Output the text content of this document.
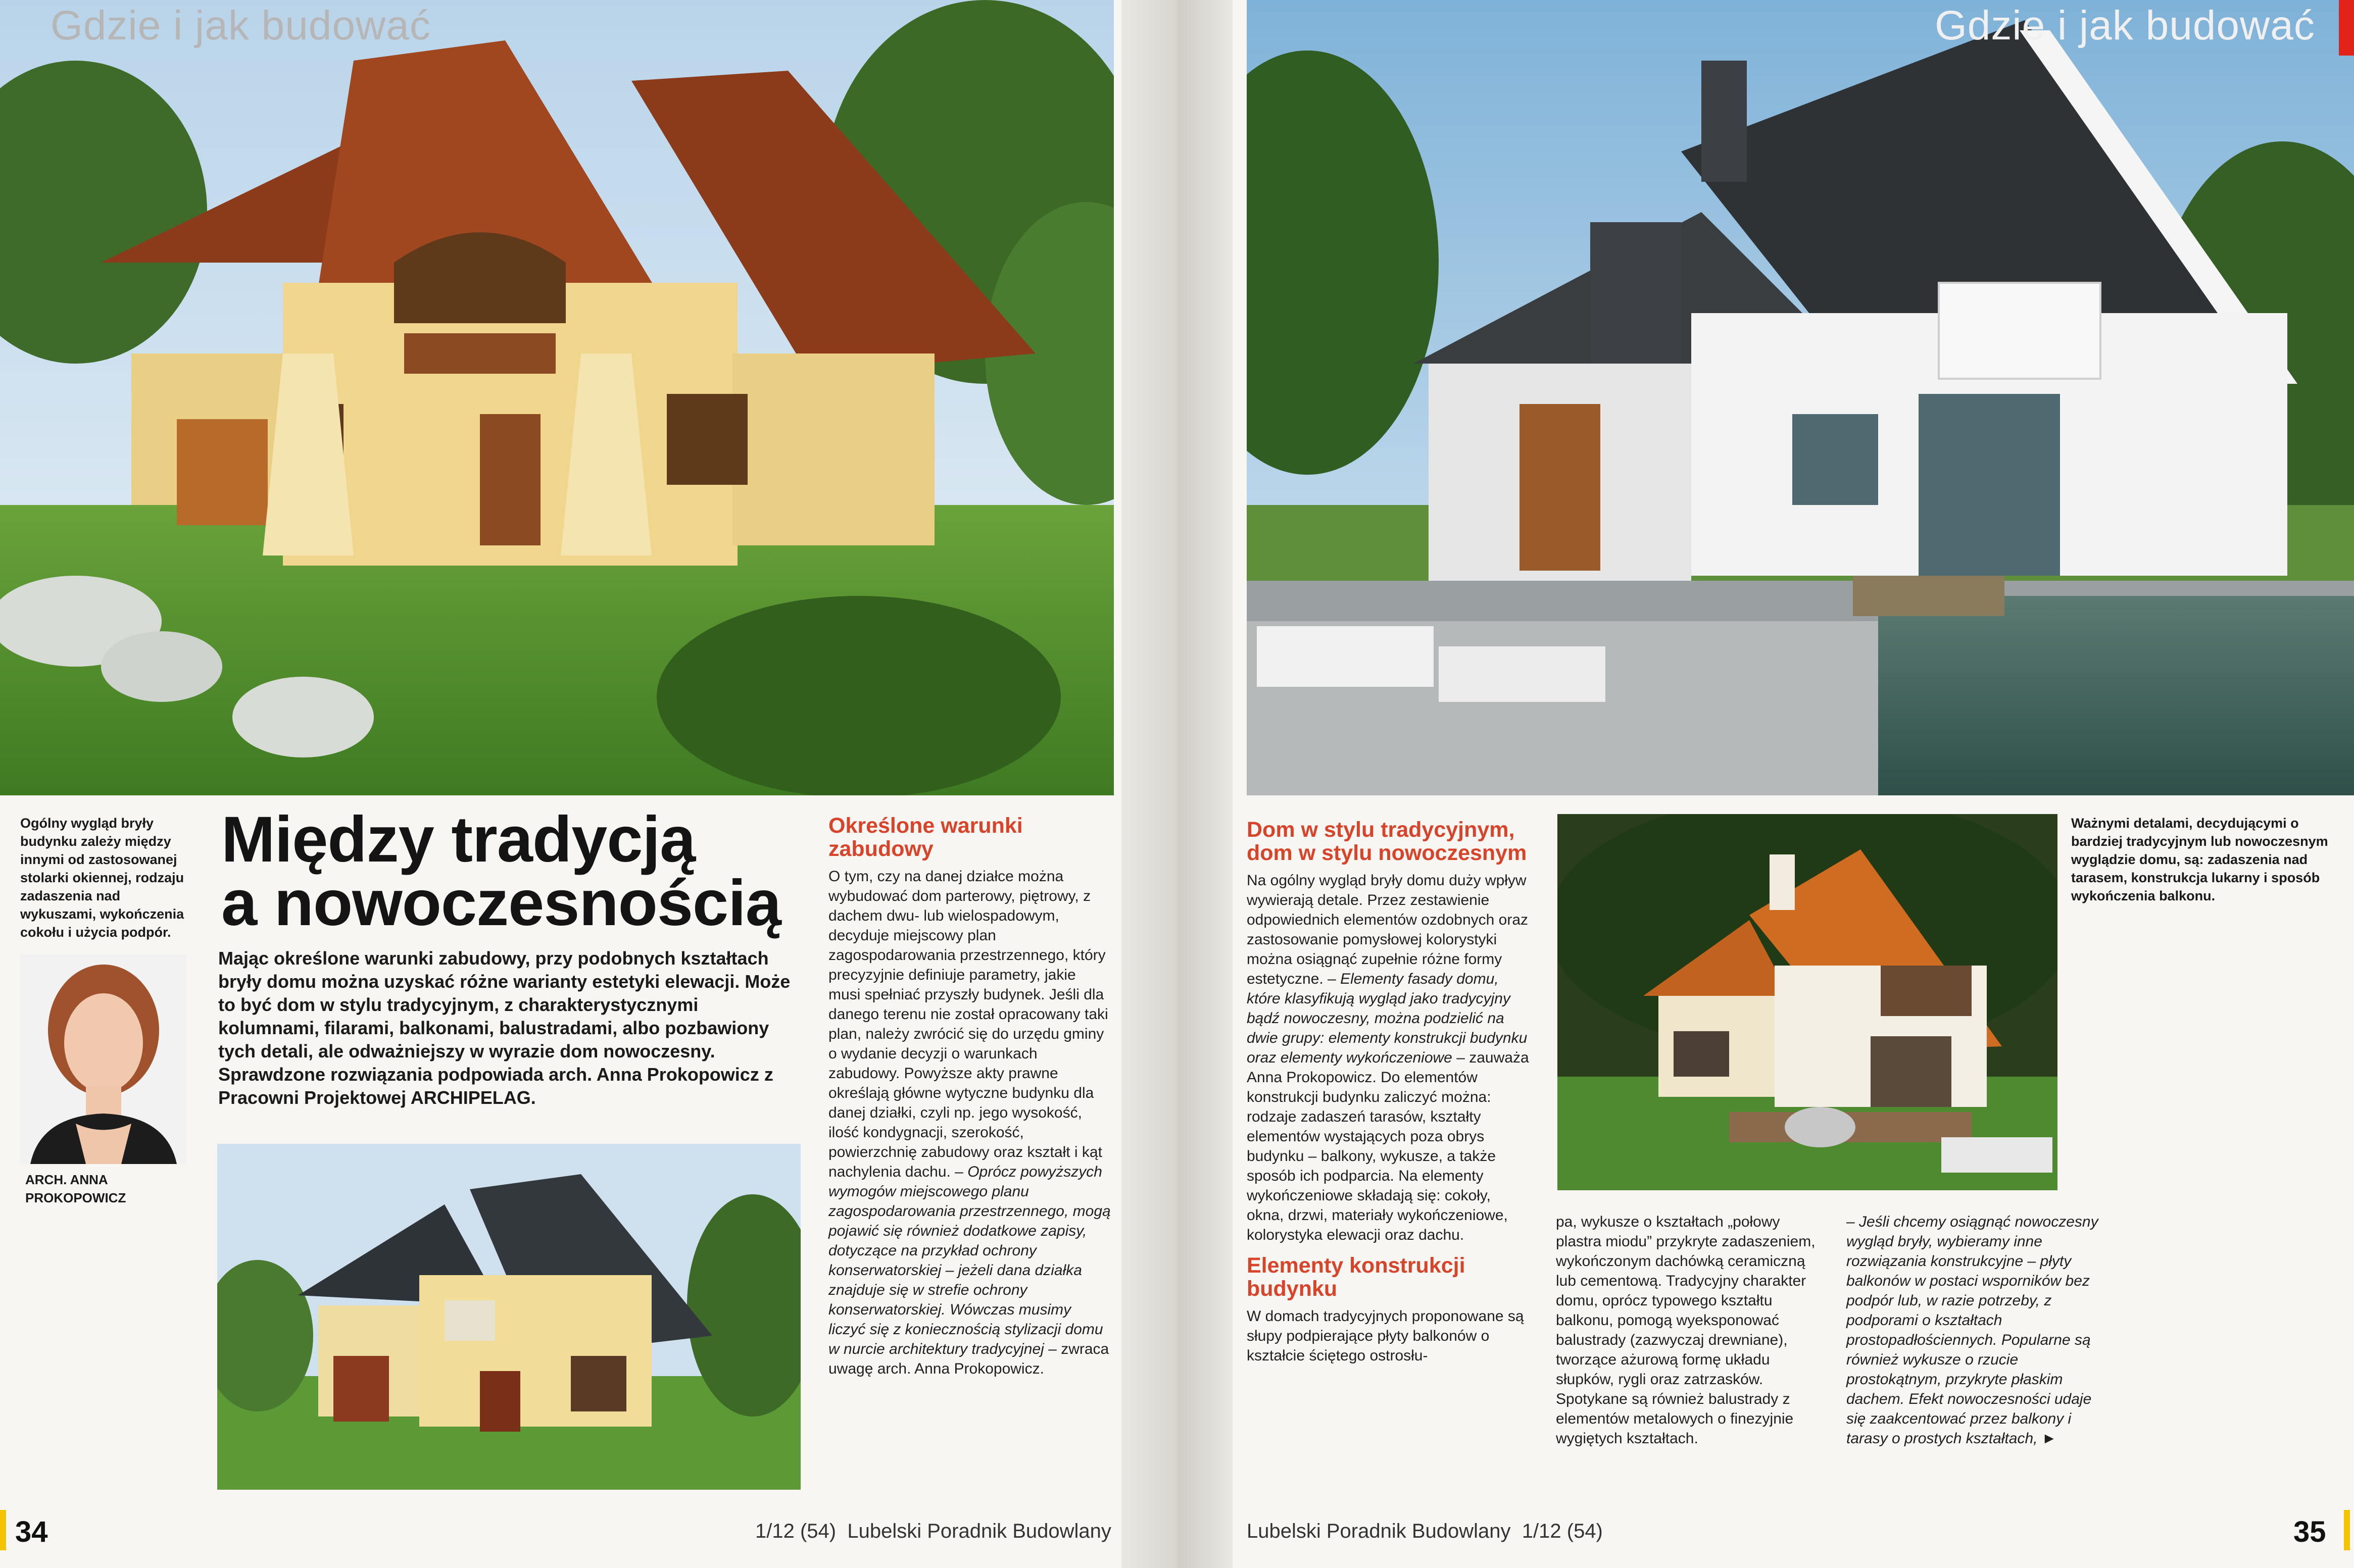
Gdzie i jak budować
Ogólny wygląd bryły budynku zależy między innymi od zastosowanej stolarki okiennej, rodzaju zadaszenia nad wykuszami, wykończenia cokołu i użycia podpór.
ARCH. ANNA PROKOPOWICZ
Między tradycją
a nowoczesnością
Mając określone warunki zabudowy, przy podobnych kształtach bryły domu można uzyskać różne warianty estetyki elewacji. Może to być dom w stylu tradycyjnym, z charakterystycznymi kolumnami, filarami, balkonami, balustradami, albo pozbawiony tych detali, ale odważniejszy w wyrazie dom nowoczesny. Sprawdzone rozwiązania podpowiada arch. Anna Prokopowicz z Pracowni Projektowej ARCHIPELAG.
Określone warunki zabudowy

O tym, czy na danej działce można wybudować dom parterowy, piętrowy, z dachem dwu- lub wielospadowym, decyduje miejscowy plan zagospodarowania przestrzennego, który precyzyjnie definiuje parametry, jakie musi spełniać przyszły budynek. Jeśli dla danego terenu nie został opracowany taki plan, należy zwrócić się do urzędu gminy o wydanie decyzji o warunkach zabudowy. Powyższe akty prawne określają główne wytyczne budynku dla danej działki, czyli np. jego wysokość, ilość kondygnacji, szerokość, powierzchnię zabudowy oraz kształt i kąt nachylenia dachu. – Oprócz powyższych wymogów miejscowego planu zagospodarowania przestrzennego, mogą pojawić się również dodatkowe zapisy, dotyczące na przykład ochrony konserwatorskiej – jeżeli dana działka znajduje się w strefie ochrony konserwatorskiej. Wówczas musimy liczyć się z koniecznością stylizacji domu w nurcie architektury tradycyjnej – zwraca uwagę arch. Anna Prokopowicz.

34	1/12 (54) Lubelski Poradnik Budowlany
Gdzie i jak budować
Ważnymi detalami, decydującymi o bardziej tradycyjnym lub nowoczesnym wyglądzie domu, są: zadaszenia nad tarasem, konstrukcja lukarny i sposób wykończenia balkonu.
Dom w stylu tradycyjnym, dom w stylu nowoczesnym

Na ogólny wygląd bryły domu duży wpływ wywierają detale. Przez zestawienie odpowiednich elementów ozdobnych oraz zastosowanie pomysłowej kolorystyki można osiągnąć zupełnie różne formy estetyczne. – Elementy fasady domu, które klasyfikują wygląd jako tradycyjny bądź nowoczesny, można podzielić na dwie grupy: elementy konstrukcji budynku oraz elementy wykończeniowe – zauważa Anna Prokopowicz. Do elementów konstrukcji budynku zaliczyć można: rodzaje zadaszeń tarasów, kształty elementów wystających poza obrys budynku – balkony, wykusze, a także sposób ich podparcia. Na elementy wykończeniowe składają się: cokoły, okna, drzwi, materiały wykończeniowe, kolorystyka elewacji oraz dachu.

Elementy konstrukcji budynku

W domach tradycyjnych proponowane są słupy podpierające płyty balkonów o kształcie ściętego ostrosłu-

pa, wykusze o kształtach „połowy plastra miodu” przykryte zadaszeniem, wykończonym dachówką ceramiczną lub cementową. Tradycyjny charakter domu, oprócz typowego kształtu balkonu, pomogą wyeksponować balustrady (zazwyczaj drewniane), tworzące ażurową formę układu słupków, rygli oraz zatrzasków. Spotykane są również balustrady z elementów metalowych o finezyjnie wygiętych kształtach.

– Jeśli chcemy osiągnąć nowoczesny wygląd bryły, wybieramy inne rozwiązania konstrukcyjne – płyty balkonów w postaci wsporników bez podpór lub, w razie potrzeby, z podporami o kształtach prostopadłościennych. Popularne są również wykusze o rzucie prostokątnym, przykryte płaskim dachem. Efekt nowoczesności udaje się zaakcentować przez balkony i tarasy o prostych kształtach, ►

Lubelski Poradnik Budowlany 1/12 (54)	35
